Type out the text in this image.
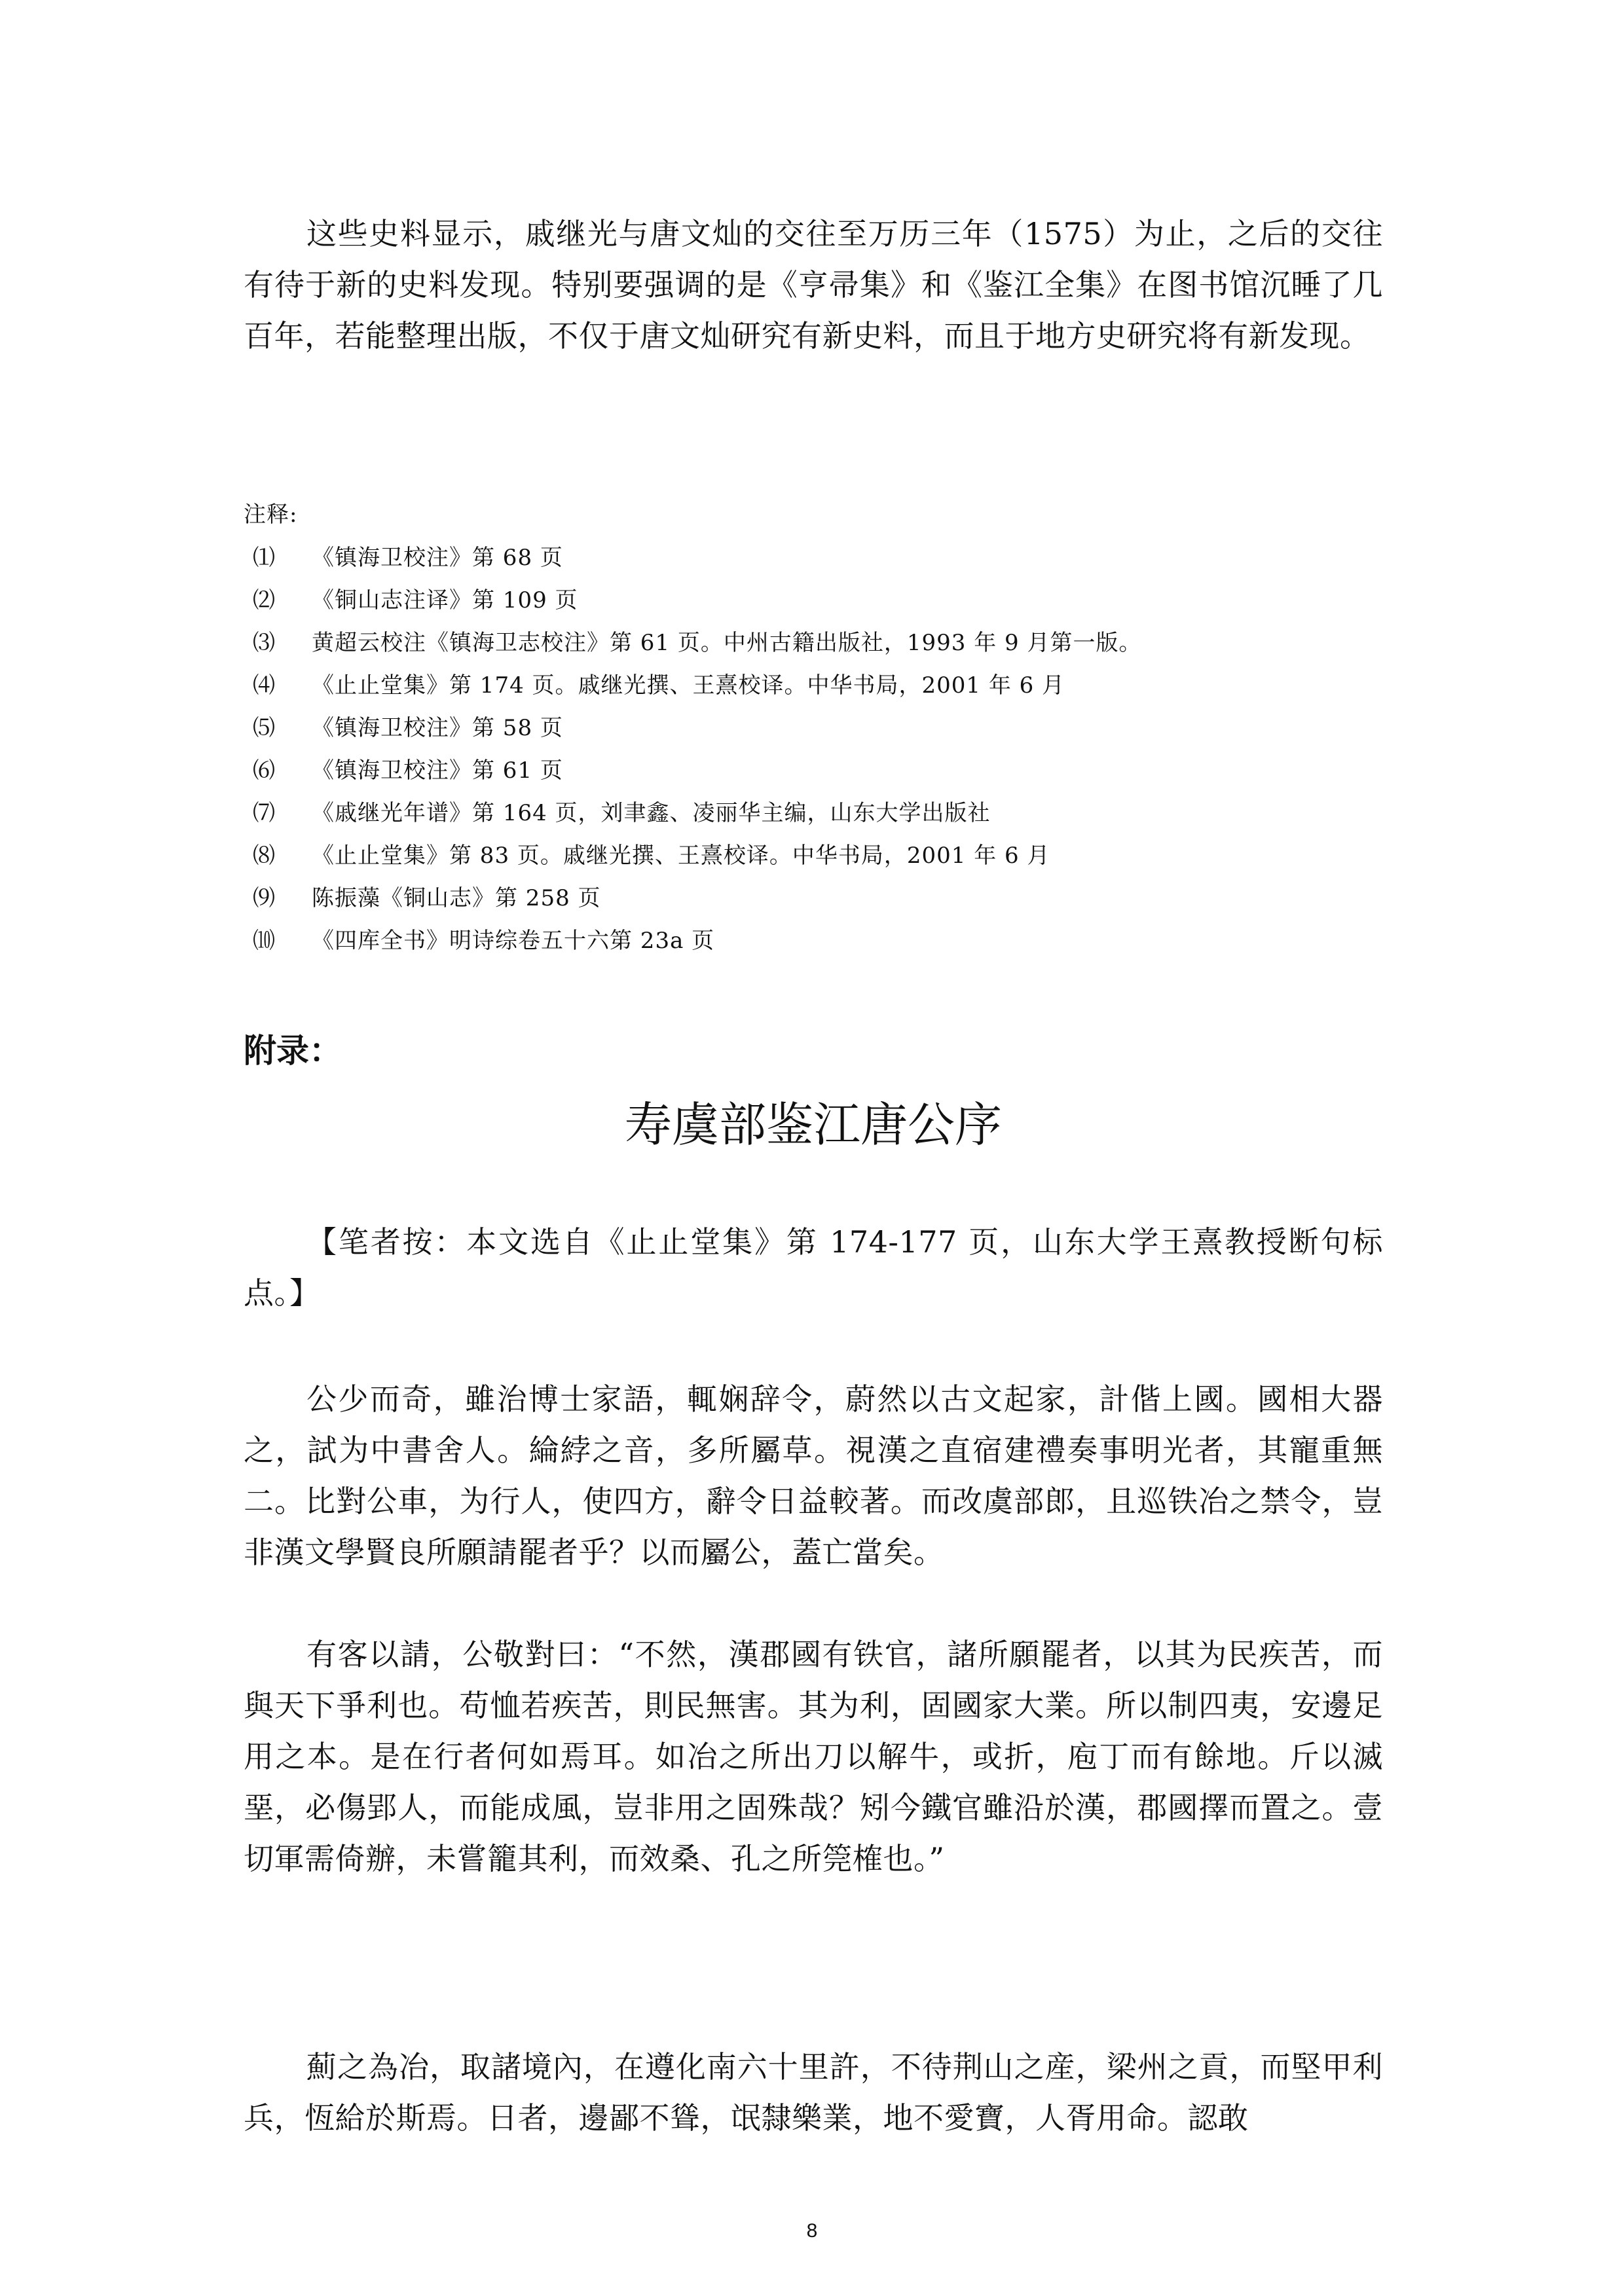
这些史料显示，戚继光与唐文灿的交往至万历三年（1575）为止，之后的交往有待于新的史料发现。特别要强调的是《亨帚集》和《鉴江全集》在图书馆沉睡了几百年，若能整理出版，不仅于唐文灿研究有新史料，而且于地方史研究将有新发现。

注释:

⑴	《镇海卫校注》第 68 页
⑵	《铜山志注译》第 109 页
⑶	黄超云校注《镇海卫志校注》第 61 页。中州古籍出版社，1993 年 9 月第一版。
⑷	《止止堂集》第 174 页。戚继光撰、王熹校译。中华书局，2001 年 6 月
⑸	《镇海卫校注》第 58 页
⑹	《镇海卫校注》第 61 页
⑺	《戚继光年谱》第 164 页，刘聿鑫、凌丽华主编，山东大学出版社
⑻	《止止堂集》第 83 页。戚继光撰、王熹校译。中华书局，2001 年 6 月
⑼	陈振藻《铜山志》第 258 页
⑽	《四库全书》明诗综卷五十六第 23a 页
附录：
寿虞部鉴江唐公序

【笔者按：本文选自《止止堂集》第 174-177 页，山东大学王熹教授断句标点。】

公少而奇，雖治博士家語，輒娴辞令，蔚然以古文起家，計偕上國。國相大器之，試为中書舍人。綸綍之音，多所屬草。視漢之直宿建禮奏事明光者，其寵重無二。比對公車，为行人，使四方，辭令日益較著。而改虞部郎，且巡铁冶之禁令，豈非漢文學賢良所願請罷者乎？以而屬公，蓋亡當矣。

有客以請，公敬對曰：“不然，漢郡國有铁官，諸所願罷者，以其为民疾苦，而與天下爭利也。苟恤若疾苦，則民無害。其为利，固國家大業。所以制四夷，安邊足用之本。是在行者何如焉耳。如冶之所出刀以解牛，或折，庖丁而有餘地。斤以滅堊，必傷郢人，而能成風，豈非用之固殊哉？矧今鐵官雖沿於漢，郡國擇而置之。壹切軍需倚辦，未嘗籠其利，而效桑、孔之所筦榷也。”

薊之為冶，取諸境內，在遵化南六十里許，不待荆山之産，梁州之貢，而堅甲利兵，恆給於斯焉。日者，邊鄙不聳，氓隸樂業，地不愛寶，人胥用命。認敢

8
